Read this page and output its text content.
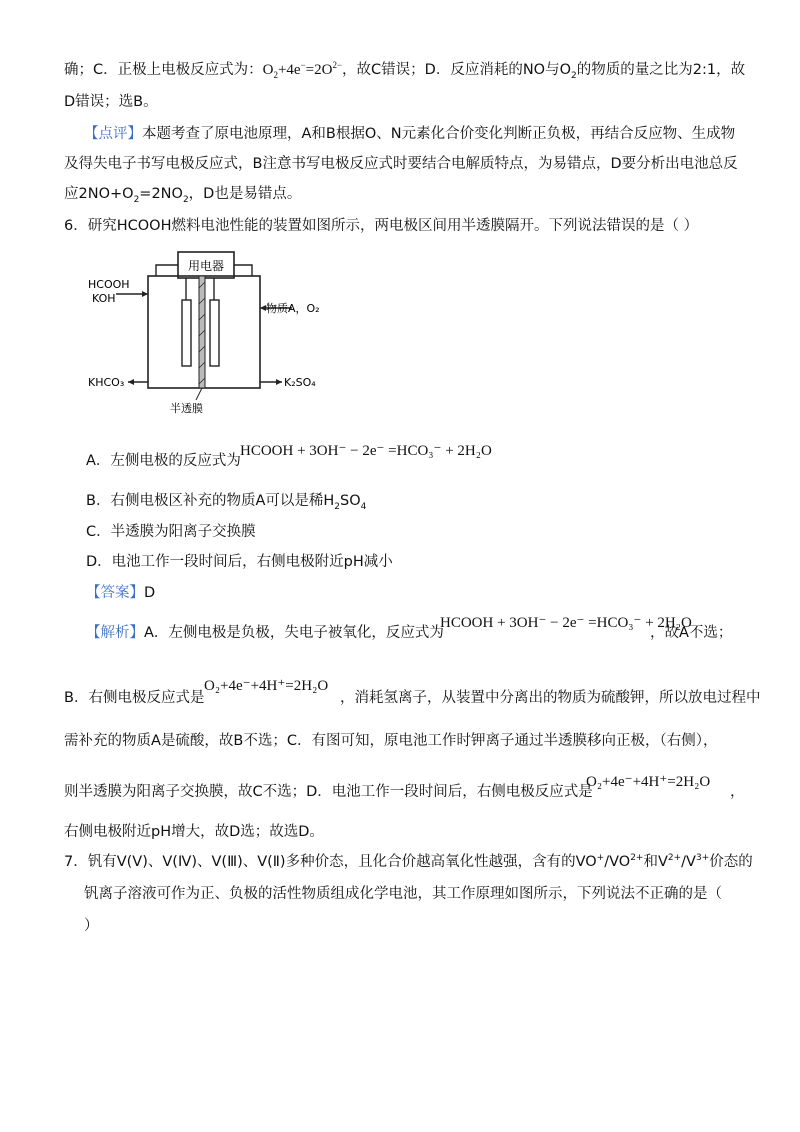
确；C．正极上电极反应式为：$O_2+4e^-=2O^{2-}$，故C错误；D．反应消耗的NO与$O_2$的物质的量之比为2:1，故
D错误；选B。
【点评】本题考查了原电池原理，A和B根据O、N元素化合价变化判断正负极，再结合反应物、生成物
及得失电子书写电极反应式，B注意书写电极反应式时要结合电解质特点，为易错点，D要分析出电池总反
应$2NO+O_2=2NO_2$，D也是易错点。
6．研究HCOOH燃料电池性能的装置如图所示，两电极区间用半透膜隔开。下列说法错误的是（ ）
用电器
HCOOH
KOH
KHCO₃
物质A，O₂
K₂SO₄
半透膜
A．左侧电极的反应式为
HCOOH + 3OH⁻ − 2e⁻ =HCO₃⁻ + 2H₂O
B．右侧电极区补充的物质A可以是稀$H_2SO_4$
C．半透膜为阳离子交换膜
D．电池工作一段时间后，右侧电极附近pH减小
【答案】D
【解析】A．左侧电极是负极，失电子被氧化，反应式为
HCOOH + 3OH⁻ − 2e⁻ =HCO₃⁻ + 2H₂O
，故A不选；
B．右侧电极反应式是
O₂+4e⁻+4H⁺=2H₂O
，消耗氢离子，从装置中分离出的物质为硫酸钾，所以放电过程中
需补充的物质A是硫酸，故B不选；C．有图可知，原电池工作时钾离子通过半透膜移向正极，（右侧），
则半透膜为阳离子交换膜，故C不选；D．电池工作一段时间后，右侧电极反应式是
O₂+4e⁻+4H⁺=2H₂O
，
右侧电极附近pH增大，故D选；故选D。
7．钒有V(V)、V(Ⅳ)、V(Ⅲ)、V(Ⅱ)多种价态，且化合价越高氧化性越强，含有的$VO^+/VO^{2+}$和$V^{2+}/V^{3+}$价态的
钒离子溶液可作为正、负极的活性物质组成化学电池，其工作原理如图所示，下列说法不正确的是（
）
